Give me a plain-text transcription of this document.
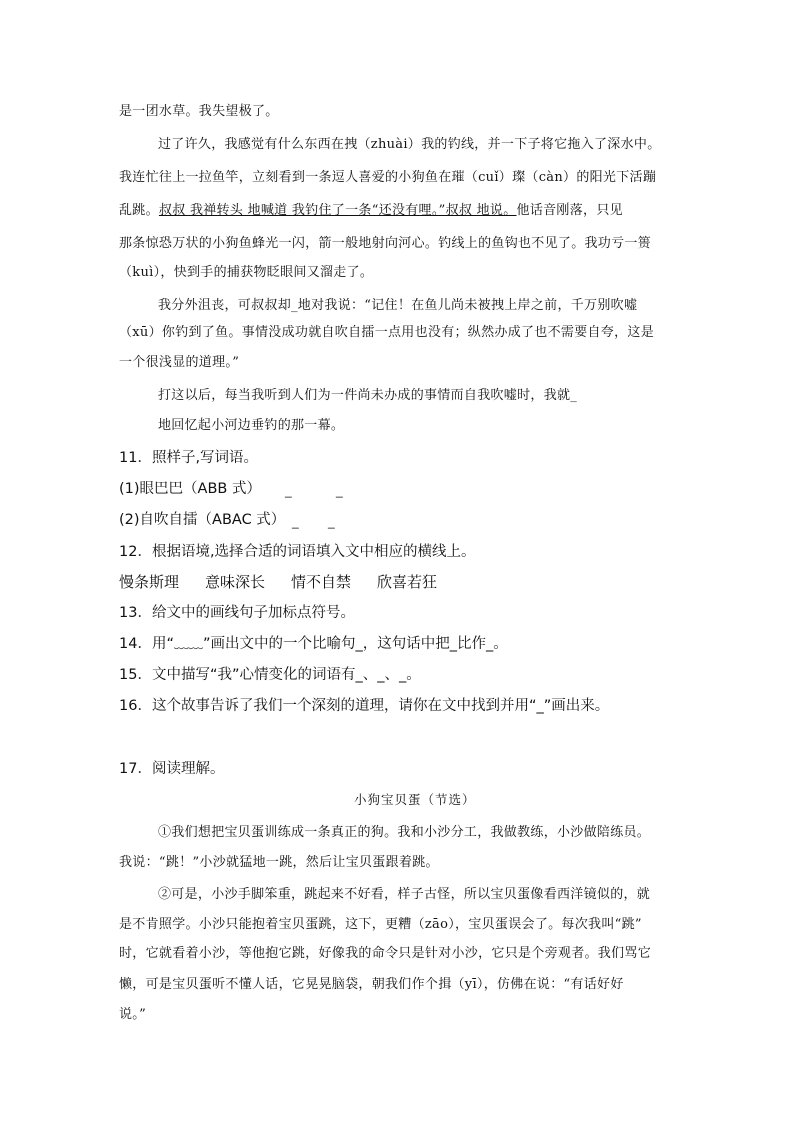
是一团水草。我失望极了。
过了许久，我感觉有什么东西在拽（zhuài）我的钓线，并一下子将它拖入了深水中。
我连忙往上一拉鱼竿，立刻看到一条逗人喜爱的小狗鱼在璀（cuǐ）璨（càn）的阳光下活蹦
乱跳。叔叔 我禅转头 地喊道 我钓住了一条“还没有哩。”叔叔 地说。他话音刚落，只见
那条惊恐万状的小狗鱼蜂光一闪，箭一般地射向河心。钓线上的鱼钩也不见了。我功亏一篑
（kuì），快到手的捕获物眨眼间又溜走了。
我分外沮丧，可叔叔却_地对我说：“记住！在鱼儿尚未被拽上岸之前，千万别吹嘘
（xū）你钓到了鱼。事情没成功就自吹自擂一点用也没有；纵然办成了也不需要自夸，这是
一个很浅显的道理。”
打这以后，每当我听到人们为一件尚未办成的事情而自我吹嘘时，我就_
地回忆起小河边垂钓的那一幕。
11．照样子,写词语。
(1)眼巴巴（ABB 式） _	_
(2)自吹自擂（ABAC 式） _ _
12．根据语境,选择合适的词语填入文中相应的横线上。
慢条斯理 意味深长 情不自禁 欣喜若狂
13．给文中的画线句子加标点符号。
14．用“﹏﹏”画出文中的一个比喻句_，这句话中把_比作_。
15．文中描写“我”心情变化的词语有_、_、_。
16．这个故事告诉了我们一个深刻的道理，请你在文中找到并用“_”画出来。
17．阅读理解。
小狗宝贝蛋（节选）
①我们想把宝贝蛋训练成一条真正的狗。我和小沙分工，我做教练，小沙做陪练员。
我说：“跳！”小沙就猛地一跳，然后让宝贝蛋跟着跳。
②可是，小沙手脚笨重，跳起来不好看，样子古怪，所以宝贝蛋像看西洋镜似的，就
是不肯照学。小沙只能抱着宝贝蛋跳，这下，更糟（zāo），宝贝蛋误会了。每次我叫“跳”
时，它就看着小沙，等他抱它跳，好像我的命令只是针对小沙，它只是个旁观者。我们骂它
懒，可是宝贝蛋听不懂人话，它晃晃脑袋，朝我们作个揖（yī），仿佛在说：“有话好好
说。”
